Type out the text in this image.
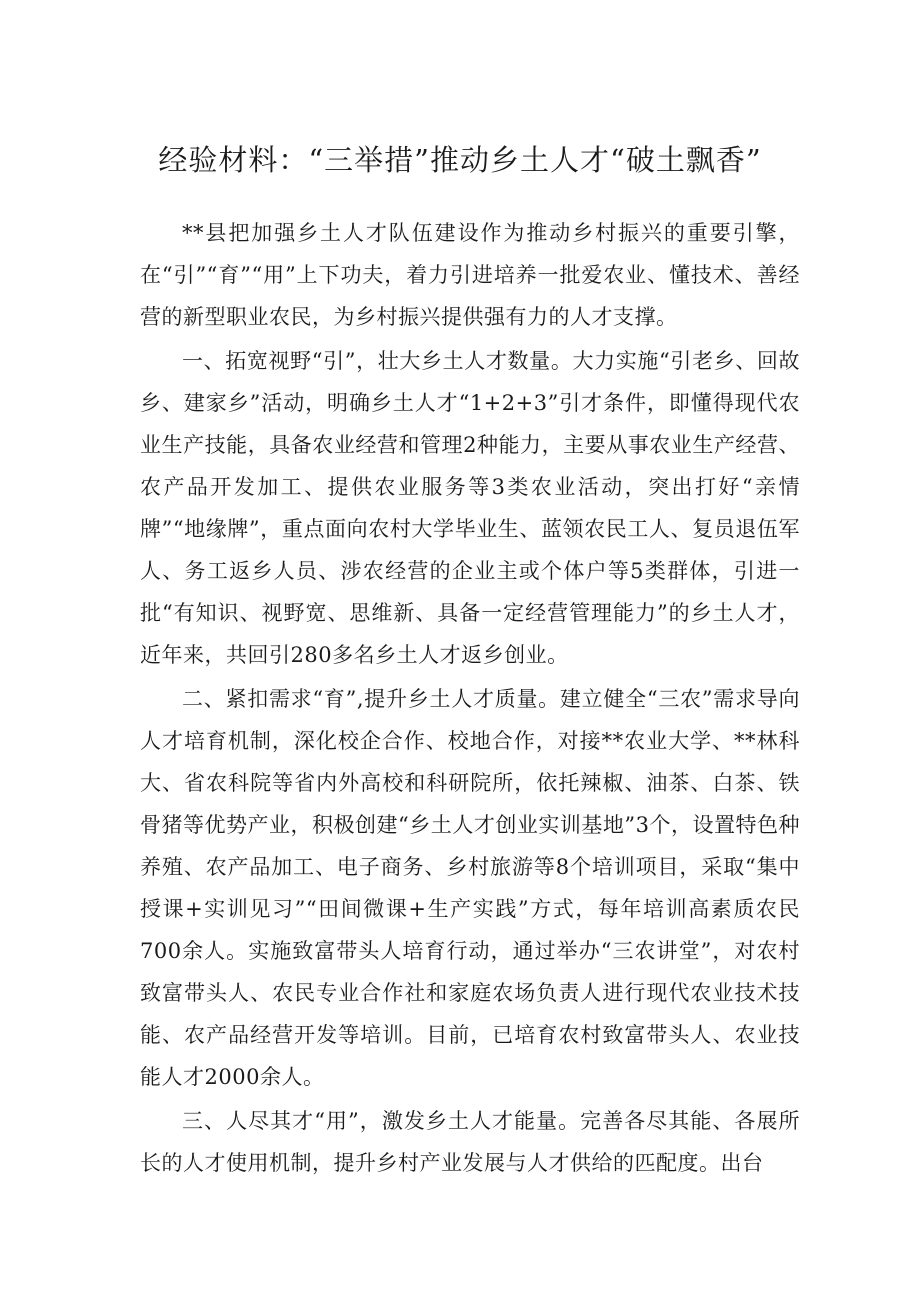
经验材料：“三举措”推动乡土人才“破土飘香”

**县把加强乡土人才队伍建设作为推动乡村振兴的重要引擎，在“引”“育”“用”上下功夫，着力引进培养一批爱农业、懂技术、善经营的新型职业农民，为乡村振兴提供强有力的人才支撑。

一、拓宽视野“引”，壮大乡土人才数量。大力实施“引老乡、回故乡、建家乡”活动，明确乡土人才“1+2+3”引才条件，即懂得现代农业生产技能，具备农业经营和管理2种能力，主要从事农业生产经营、农产品开发加工、提供农业服务等3类农业活动，突出打好“亲情牌”“地缘牌”，重点面向农村大学毕业生、蓝领农民工人、复员退伍军人、务工返乡人员、涉农经营的企业主或个体户等5类群体，引进一批“有知识、视野宽、思维新、具备一定经营管理能力”的乡土人才，近年来，共回引280多名乡土人才返乡创业。

二、紧扣需求“育”,提升乡土人才质量。建立健全“三农”需求导向人才培育机制，深化校企合作、校地合作，对接**农业大学、**林科大、省农科院等省内外高校和科研院所，依托辣椒、油茶、白茶、铁骨猪等优势产业，积极创建“乡土人才创业实训基地”3个，设置特色种养殖、农产品加工、电子商务、乡村旅游等8个培训项目，采取“集中授课+实训见习”“田间微课+生产实践”方式，每年培训高素质农民700余人。实施致富带头人培育行动，通过举办“三农讲堂”，对农村致富带头人、农民专业合作社和家庭农场负责人进行现代农业技术技能、农产品经营开发等培训。目前，已培育农村致富带头人、农业技能人才2000余人。

三、人尽其才“用”，激发乡土人才能量。完善各尽其能、各展所长的人才使用机制，提升乡村产业发展与人才供给的匹配度。出台
